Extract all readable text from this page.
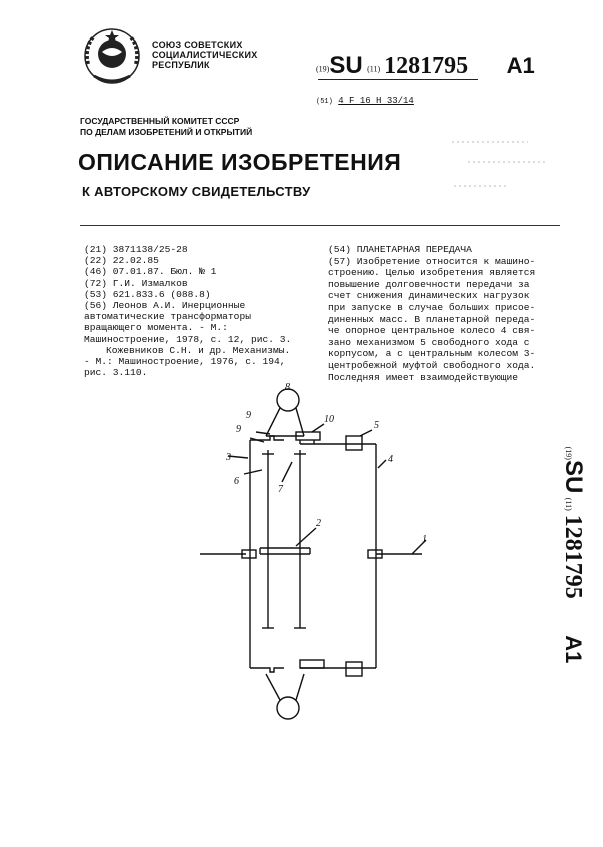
СОЮЗ СОВЕТСКИХ
СОЦИАЛИСТИЧЕСКИХ
РЕСПУБЛИК	(19)SU (11) 1281795 A1
(51) 4 F 16 H 33/14
ГОСУДАРСТВЕННЫЙ КОМИТЕТ СССР
ПО ДЕЛАМ ИЗОБРЕТЕНИЙ И ОТКРЫТИЙ
ОПИСАНИЕ ИЗОБРЕТЕНИЯ
К АВТОРСКОМУ СВИДЕТЕЛЬСТВУ
(21) 3871138/25-28
(22) 22.02.85
(46) 07.01.87. Бюл. № 1
(72) Г.И. Измалков
(53) 621.833.6 (088.8)
(56) Леонов А.И. Инерционные автоматические трансформаторы вращающего момента. - М.: Машиностроение, 1978, с. 12, рис. 3.
Кожевников С.Н. и др. Механизмы. - М.: Машиностроение, 1976, с. 194, рис. 3.110.
(54) ПЛАНЕТАРНАЯ ПЕРЕДАЧА
(57) Изобретение относится к машино-
строению. Целью изобретения является
повышение долговечности передачи за
счет снижения динамических нагрузок
при запуске в случае больших присое-
диненных масс. В планетарной переда-
че опорное центральное колесо 4 свя-
зано механизмом 5 свободного хода с
корпусом, а с центральным колесом 3-
центробежной муфтой свободного хода.
Последняя имеет взаимодействующие
(19)SU (11)1281795 A1
8
9
9
10
5
3	4
6
7
2
1
